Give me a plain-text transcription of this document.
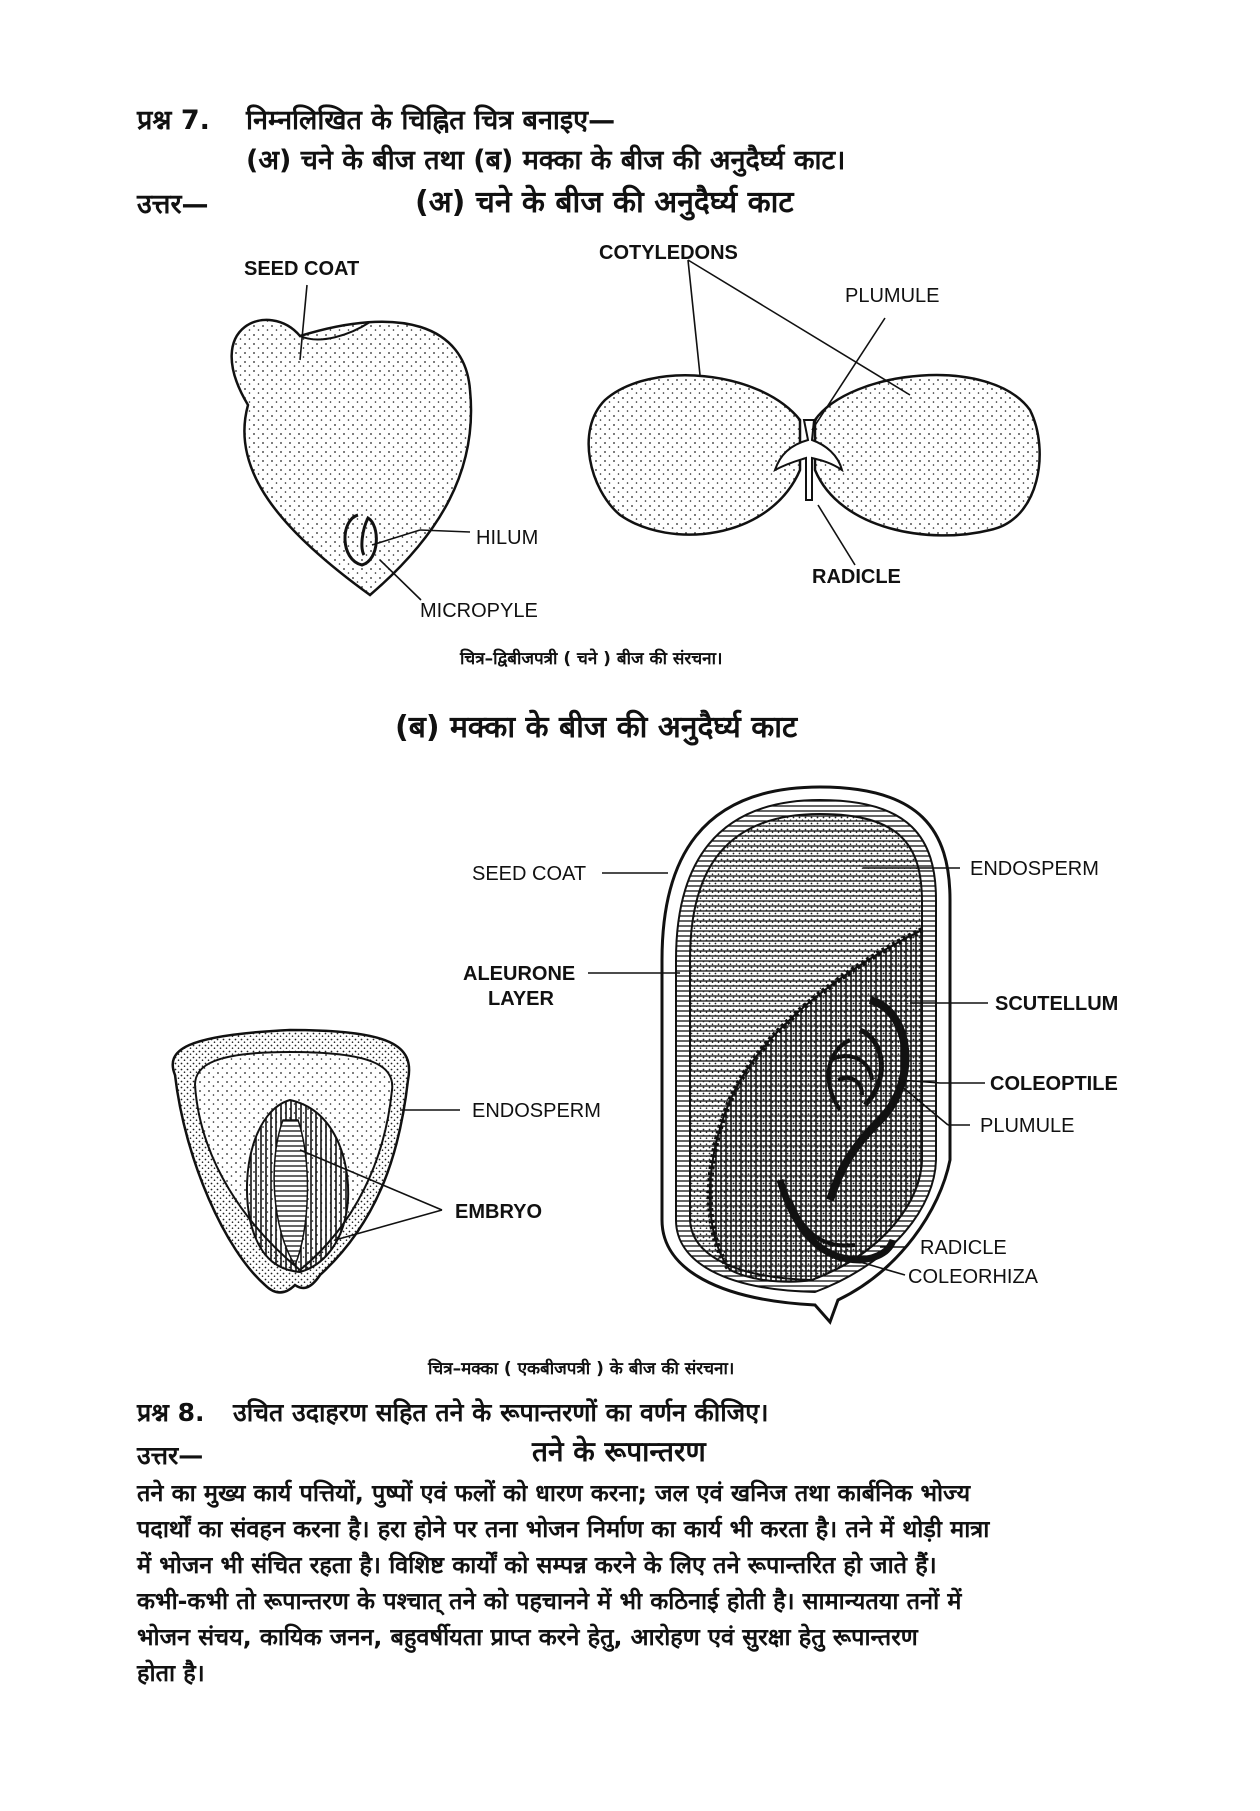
प्रश्न 7. निम्नलिखित के चिह्नित चित्र बनाइए—
(अ) चने के बीज तथा (ब) मक्का के बीज की अनुदैर्घ्य काट।
उत्तर—	(अ) चने के बीज की अनुदैर्घ्य काट
SEED COAT
HILUM
MICROPYLE
COTYLEDONS
PLUMULE
RADICLE
चित्र–द्विबीजपत्री ( चने ) बीज की संरचना।
(ब) मक्का के बीज की अनुदैर्घ्य काट
SEED COAT
ALEURONE
LAYER
ENDOSPERM
SCUTELLUM
COLEOPTILE
PLUMULE
RADICLE
COLEORHIZA
ENDOSPERM
EMBRYO
चित्र–मक्का ( एकबीजपत्री ) के बीज की संरचना।
प्रश्न 8. उचित उदाहरण सहित तने के रूपान्तरणों का वर्णन कीजिए।
उत्तर—	तने के रूपान्तरण
तने का मुख्य कार्य पत्तियों, पुष्पों एवं फलों को धारण करना; जल एवं खनिज तथा कार्बनिक भोज्य
पदार्थों का संवहन करना है। हरा होने पर तना भोजन निर्माण का कार्य भी करता है। तने में थोड़ी मात्रा
में भोजन भी संचित रहता है। विशिष्ट कार्यों को सम्पन्न करने के लिए तने रूपान्तरित हो जाते हैं।
कभी-कभी तो रूपान्तरण के पश्चात् तने को पहचानने में भी कठिनाई होती है। सामान्यतया तनों में
भोजन संचय, कायिक जनन, बहुवर्षीयता प्राप्त करने हेतु, आरोहण एवं सुरक्षा हेतु रूपान्तरण
होता है।
